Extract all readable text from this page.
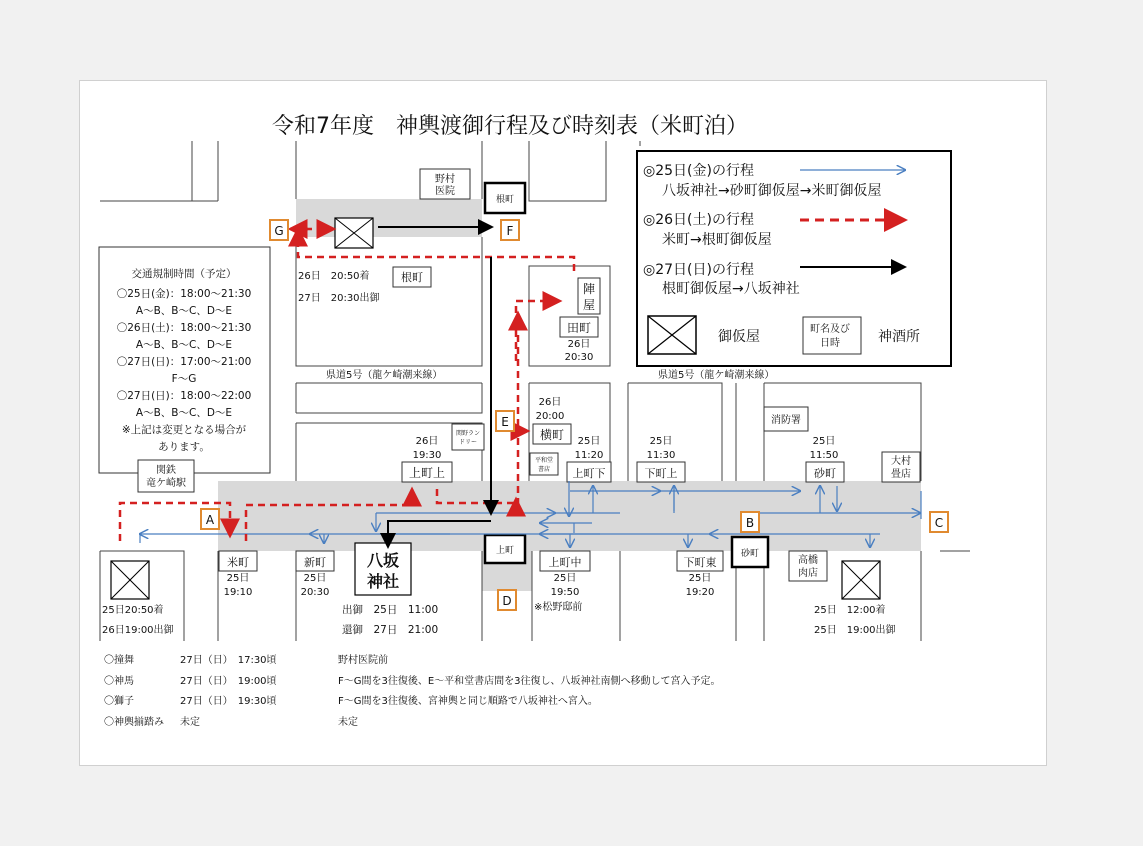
令和7年度　神輿渡御行程及び時刻表（米町泊）
◎25日(金)の行程
八坂神社→砂町御仮屋→米町御仮屋
◎26日(土)の行程
米町→根町御仮屋
◎27日(日)の行程
根町御仮屋→八坂神社
御仮屋	町名及び
日時	神酒所
交通規制時間（予定）
〇25日(金)：18:00〜21:30
A〜B、B〜C、D〜E
〇26日(土)：18:00〜21:30
A〜B、B〜C、D〜E
〇27日(日)：17:00〜21:00
F〜G
〇27日(日)：18:00〜22:00
A〜B、B〜C、D〜E
※上記は変更となる場合が
あります。
野村
医院
関鉄
竜ケ崎駅
消防署
大村
畳店
高橋
肉店
関野ラン
ドリー
平和堂
書店
※松野邸前
八坂
神社
出御　25日　11:00
還御　27日　21:00
県道5号（龍ケ崎潮来線）	県道5号（龍ケ崎潮来線）
25日20:50着
26日19:00出御
25日　12:00着
25日　19:00出御
26日　20:50着
27日　20:30出御
根町
陣
屋
田町
26日
20:30
26日
20:00
横町
26日
19:30
上町上
25日
11:20
上町下
25日
11:30
下町上
25日
11:50
砂町
米町
25日
19:10
新町
25日
20:30
上町中
25日
19:50
下町東
25日
19:20
根町
上町	砂町
A	B	C
D
E
F
G
〇撞舞	27日（日）　17:30頃	野村医院前
〇神馬	27日（日）　19:00頃	F〜G間を3往復後、E〜平和堂書店間を3往復し、八坂神社南側へ移動して宮入予定。
〇獅子	27日（日）　19:30頃	F〜G間を3往復後、宮神輿と同じ順路で八坂神社へ宮入。
〇神輿揃踏み 未定	未定
